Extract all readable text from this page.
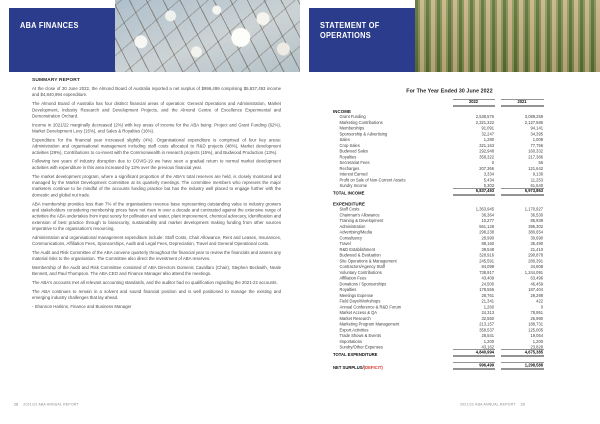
ABA FINANCES
SUMMARY REPORT

At the close of 30 June 2022, the Almond Board of Australia reported a net surplus of $996,499 comprising $5,837,493 income and $4,840,994 expenditure.

The Almond Board of Australia has four distinct financial areas of operation: General Operations and Administration, Market Development, Industry Research and Development Projects, and the Almond Centre of Excellence Experimental and Demonstration Orchard.

Income in 2021/22 marginally decreased (2%) with key areas of income for the ABA being: Project and Grant Funding (62%), Market Development Levy (15%), and Sales & Royalties (16%).

Expenditure for the financial year increased slightly (4%). Organisational expenditure is comprised of four key areas: Administration and organisational management including staff costs allocated to R&D projects (48%), Market development activities (29%), Contributions to co-invest with the Commonwealth in research projects (15%), and Budwood Production (13%).

Following two years of industry disruption due to COVID-19 we have seen a gradual return to normal market development activities with expenditure in this area increased by 13% over the previous financial year.

The market development program, where a significant proportion of the ABA's total reserves are held, is closely monitored and managed by the Market Development Committee at its quarterly meetings. The committee members who represent the major marketers continue to be mindful of the accounts funding practice but has the industry well placed to engage further with the domestic and global nut trade.

ABA membership provides less than 7% of the organisations revenue base representing outstanding value to industry growers and stakeholders considering membership prices have not risen in over a decade and contrasted against the extensive range of activities the ABA undertakes from input surety for pollination and water, plant improvement, chemical advocacy, identification and extension of best practice through to biosecurity, sustainability and market development making funding from other sources imperative to the organisation's resourcing.

Administration and organisational management expenditure include: Staff Costs, Chair Allowance, Rent and Leases, Insurances, Communications, Affiliation Fees, Sponsorships, Audit and Legal Fees, Depreciation, Travel and General Operational costs.

The Audit and Risk Committee of the ABA convene quarterly throughout the financial year to review the financials and assess any material risks to the organisation. The Committee also direct the investment of ABA reserves.

Membership of the Audit and Risk Committee consisted of ABA Directors Domenic Cavallaro (Chair), Stephen Beckwith, Neale Bennett, and Paul Thompson. The ABA CEO and Finance Manager also attend the meetings.

The ABA's accounts met all relevant accounting standards, and the auditor had no qualification regarding the 2021-22 accounts.

The ABA continues to remain in a solvent and sound financial position and is well positioned to manage the existing and emerging industry challenges that lay ahead.

- Shannon Harkins, Finance and Business Manager

28 2021/22 ABA ANNUAL REPORT
STATEMENT OF
OPERATIONS
For The Year Ended 30 June 2022
2022	2021
INCOME
Grant Funding	2,538,576	3,089,259
Marketing Contributions	2,321,322	2,127,586
Memberships	91,091	94,141
Sponsorship & Advertising	32,247	34,395
Sales	1,280	1,009
Crop Sales	321,163	77,756
Budwood Sales	292,948	160,332
Royalties	358,322	217,386
Secretariat Fees	0	56
Recharges	207,366	121,642
Interest Earned	3,334	9,136
Profit on Sale of Non-Current Assets	5,434	11,253
Sundry Income	5,303	61,640
TOTAL INCOME	5,837,493	5,973,863
EXPENDITURE
Staff Costs	1,363,945	1,170,927
Chairman's Allowance	36,364	36,530
Training & Development	10,277	85,939
Administration	561,128	395,302
Advertising/Media	298,238	380,654
Consultancy	28,990	30,690
Travel	88,160	35,490
R&D Establishment	38,548	21,410
Budwood & Evaluation	328,916	290,878
Site Operations & Management	245,591	280,391
Contractors/Agency Staff	84,099	34,808
Voluntary Contributions	738,917	1,244,091
Affiliation Fees	43,409	63,496
Donations / Sponsorships	24,500	46,459
Royalties	178,556	187,404
Meetings Expense	28,761	29,298
Field Days/Workshops	21,341	422
Annual Conference & R&D Forum	1,260	0
Market Access & QA	24,313	78,951
Market Research	32,550	26,990
Marketing Program Management	213,157	188,731
Export Activities	358,537	125,005
Trade Shows & Events	28,541	19,054
Importations	1,200	1,200
Sundry/Other Expenses	43,162	23,828
TOTAL EXPENDITURE	4,840,994	4,675,385
NET SURPLUS/(DEFICIT)	996,499	1,298,588
2021/22 ABA ANNUAL REPORT 29
